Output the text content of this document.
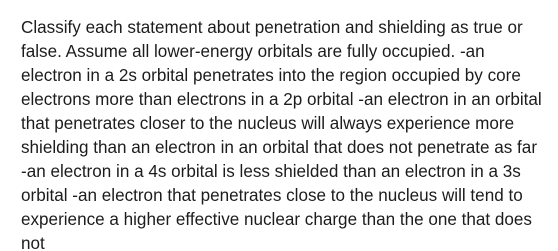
Classify each statement about penetration and shielding as true or false. Assume all lower-energy orbitals are fully occupied. -an electron in a 2s orbital penetrates into the region occupied by core electrons more than electrons in a 2p orbital -an electron in an orbital that penetrates closer to the nucleus will always experience more shielding than an electron in an orbital that does not penetrate as far -an electron in a 4s orbital is less shielded than an electron in a 3s orbital -an electron that penetrates close to the nucleus will tend to experience a higher effective nuclear charge than the one that does not
